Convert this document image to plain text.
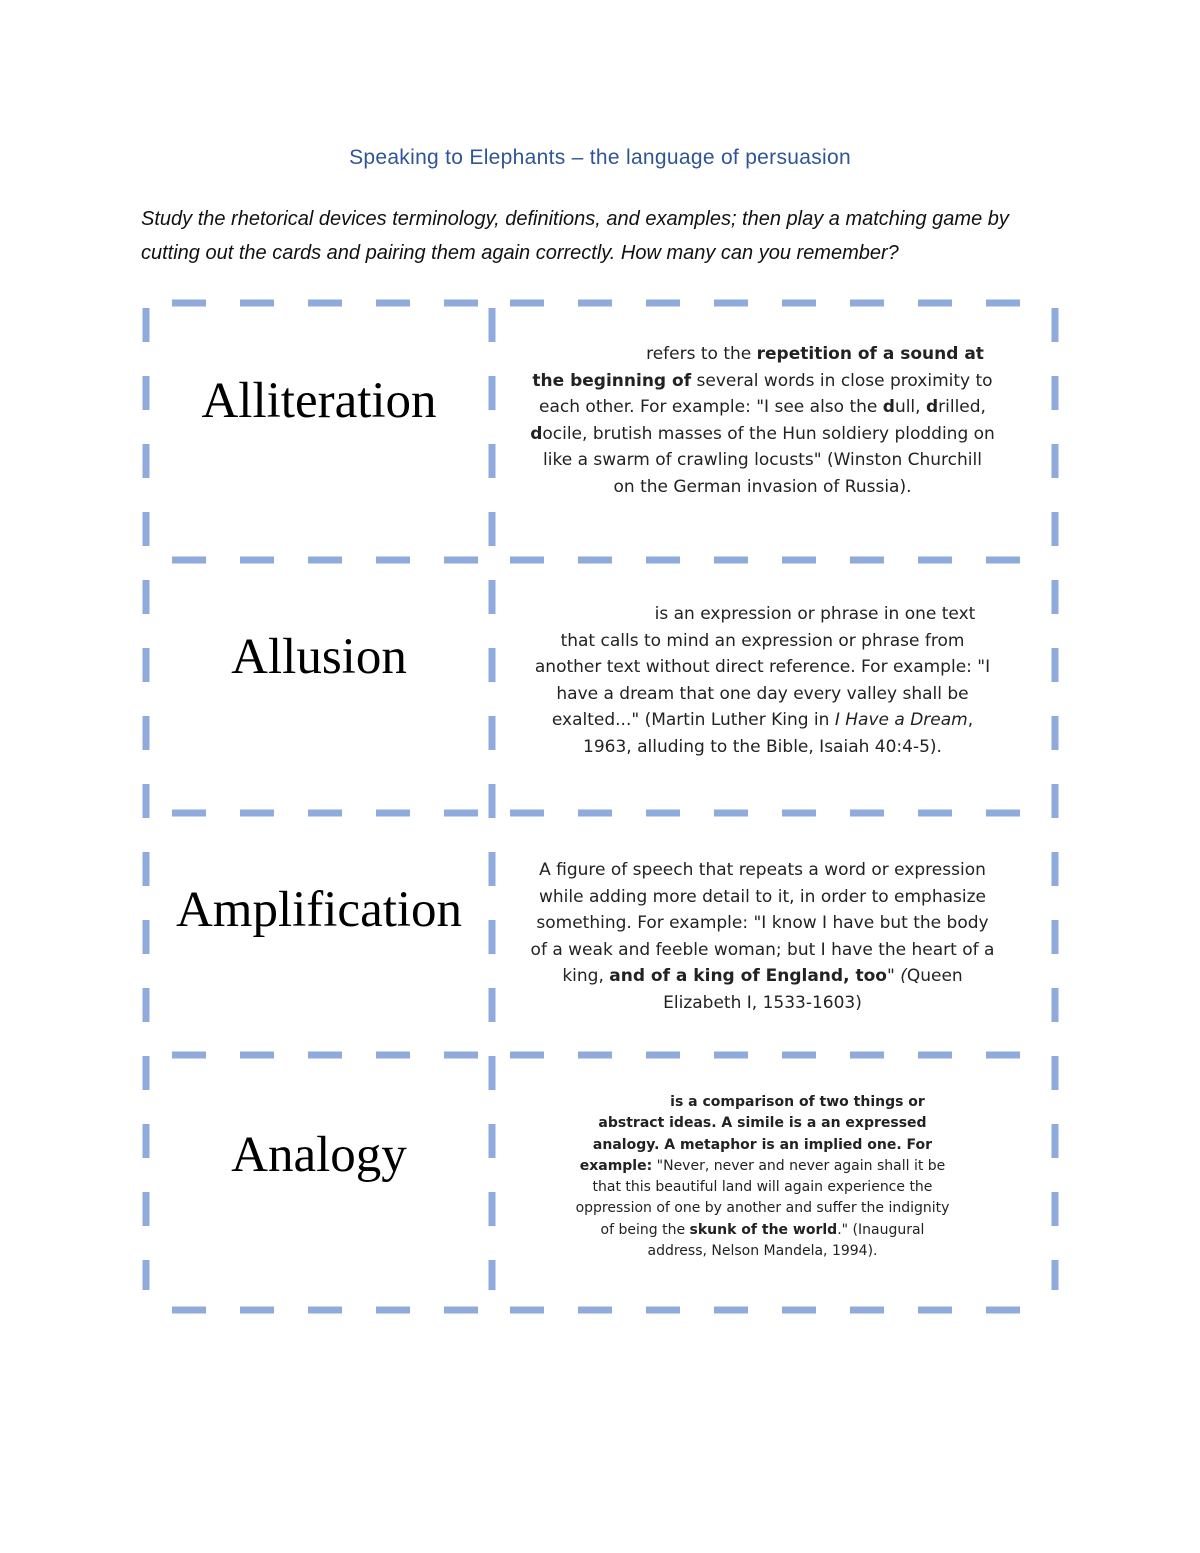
Speaking to Elephants – the language of persuasion
Study the rhetorical devices terminology, definitions, and examples; then play a matching game by cutting out the cards and pairing them again correctly. How many can you remember?
Alliteration
refers to the repetition of a sound at the beginning of several words in close proximity to each other. For example: "I see also the dull, drilled, docile, brutish masses of the Hun soldiery plodding on like a swarm of crawling locusts" (Winston Churchill on the German invasion of Russia).
Allusion
is an expression or phrase in one text that calls to mind an expression or phrase from another text without direct reference. For example: "I have a dream that one day every valley shall be exalted..." (Martin Luther King in I Have a Dream, 1963, alluding to the Bible, Isaiah 40:4-5).
Amplification
A figure of speech that repeats a word or expression while adding more detail to it, in order to emphasize something. For example: "I know I have but the body of a weak and feeble woman; but I have the heart of a king, and of a king of England, too" (Queen Elizabeth I, 1533-1603)
Analogy
is a comparison of two things or abstract ideas. A simile is a an expressed analogy. A metaphor is an implied one. For example: "Never, never and never again shall it be that this beautiful land will again experience the oppression of one by another and suffer the indignity of being the skunk of the world." (Inaugural address, Nelson Mandela, 1994).
